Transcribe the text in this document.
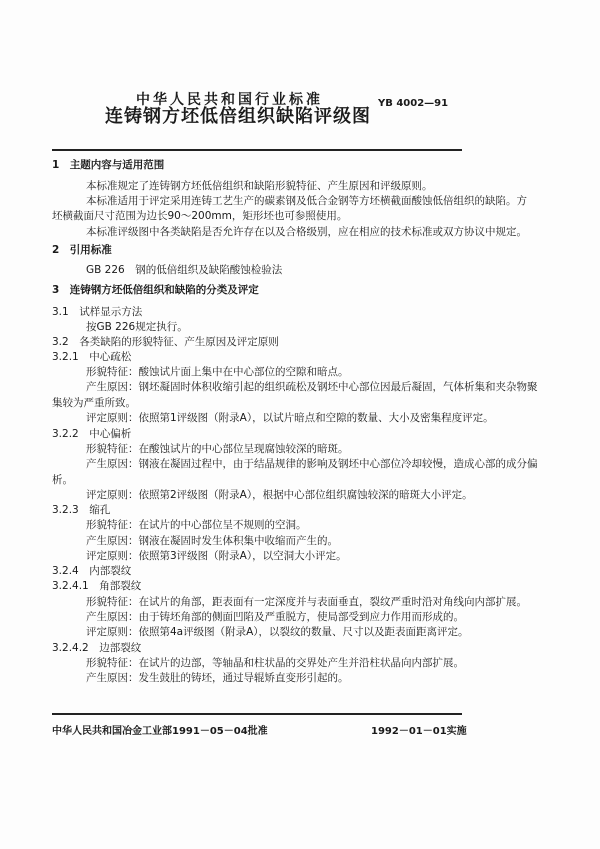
中华人民共和国行业标准
连铸钢方坯低倍组织缺陷评级图
YB 4002—91
1　主题内容与适用范围
本标准规定了连铸钢方坯低倍组织和缺陷形貌特征、产生原因和评级原则。
本标准适用于评定采用连铸工艺生产的碳素钢及低合金钢等方坯横截面酸蚀低倍组织的缺陷。方
坯横截面尺寸范围为边长90～200mm，矩形坯也可参照使用。
本标准评级图中各类缺陷是否允许存在以及合格级别，应在相应的技术标准或双方协议中规定。
2　引用标准
GB 226　钢的低倍组织及缺陷酸蚀检验法
3　连铸钢方坯低倍组织和缺陷的分类及评定
3.1　试样显示方法
按GB 226规定执行。
3.2　各类缺陷的形貌特征、产生原因及评定原则
3.2.1　中心疏松
形貌特征：酸蚀试片面上集中在中心部位的空隙和暗点。
产生原因：钢坯凝固时体积收缩引起的组织疏松及钢坯中心部位因最后凝固，气体析集和夹杂物聚
集较为严重所致。
评定原则：依照第1评级图（附录A），以试片暗点和空隙的数量、大小及密集程度评定。
3.2.2　中心偏析
形貌特征：在酸蚀试片的中心部位呈现腐蚀较深的暗斑。
产生原因：钢液在凝固过程中，由于结晶规律的影响及钢坯中心部位冷却较慢，造成心部的成分偏
析。
评定原则：依照第2评级图（附录A），根据中心部位组织腐蚀较深的暗斑大小评定。
3.2.3　缩孔
形貌特征：在试片的中心部位呈不规则的空洞。
产生原因：钢液在凝固时发生体积集中收缩而产生的。
评定原则：依照第3评级图（附录A），以空洞大小评定。
3.2.4　内部裂纹
3.2.4.1　角部裂纹
形貌特征：在试片的角部，距表面有一定深度并与表面垂直，裂纹严重时沿对角线向内部扩展。
产生原因：由于铸坯角部的侧面凹陷及严重脱方，使局部受到应力作用而形成的。
评定原则：依照第4a评级图（附录A），以裂纹的数量、尺寸以及距表面距离评定。
3.2.4.2　边部裂纹
形貌特征：在试片的边部，等轴晶和柱状晶的交界处产生并沿柱状晶向内部扩展。
产生原因：发生鼓肚的铸坯，通过导辊矫直变形引起的。
中华人民共和国冶金工业部1991－05－04批准	1992－01－01实施
